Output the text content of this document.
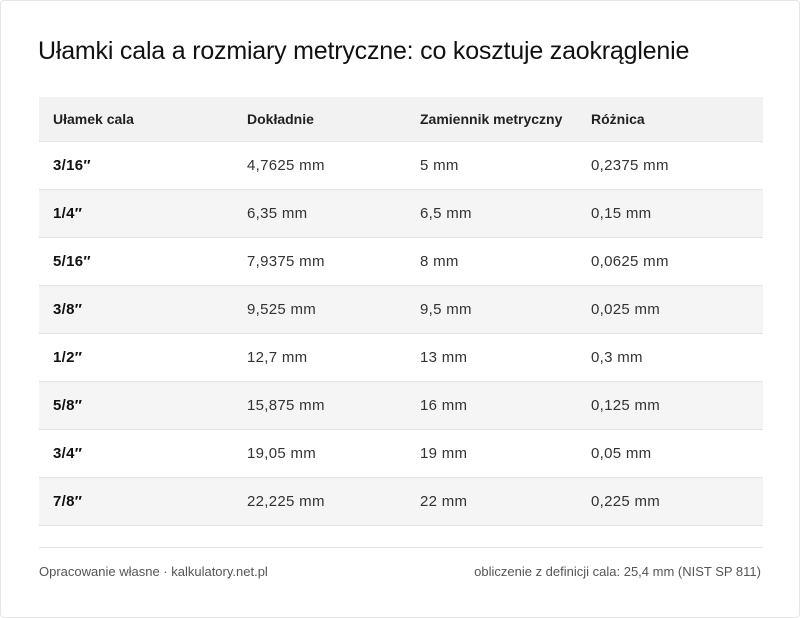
Ułamki cala a rozmiary metryczne: co kosztuje zaokrąglenie
Ułamek cala	Dokładnie	Zamiennik metryczny	Różnica
3/16″	4,7625 mm	5 mm	0,2375 mm
1/4″	6,35 mm	6,5 mm	0,15 mm
5/16″	7,9375 mm	8 mm	0,0625 mm
3/8″	9,525 mm	9,5 mm	0,025 mm
1/2″	12,7 mm	13 mm	0,3 mm
5/8″	15,875 mm	16 mm	0,125 mm
3/4″	19,05 mm	19 mm	0,05 mm
7/8″	22,225 mm	22 mm	0,225 mm
Opracowanie własne · kalkulatory.net.pl	obliczenie z definicji cala: 25,4 mm (NIST SP 811)
